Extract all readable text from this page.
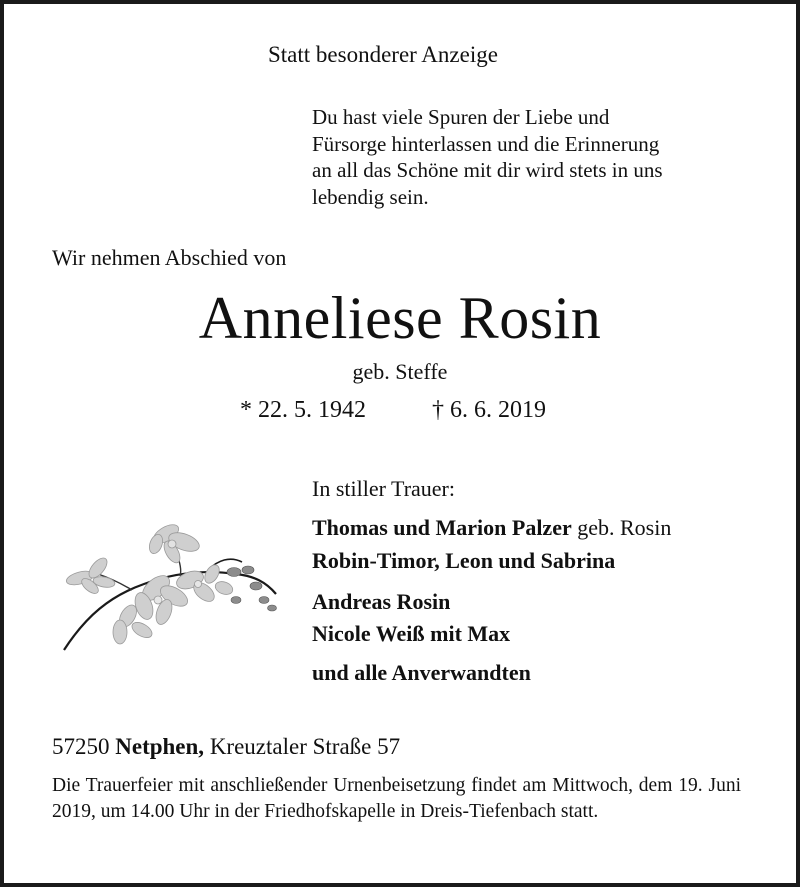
Statt besonderer Anzeige
Du hast viele Spuren der Liebe und
Fürsorge hinterlassen und die Erinnerung
an all das Schöne mit dir wird stets in uns
lebendig sein.
Wir nehmen Abschied von
Anneliese Rosin
geb. Steffe
* 22. 5. 1942	† 6. 6. 2019
In stiller Trauer:
Thomas und Marion Palzer geb. Rosin
Robin-Timor, Leon und Sabrina
Andreas Rosin
Nicole Weiß mit Max
und alle Anverwandten
57250 Netphen, Kreuztaler Straße 57
Die Trauerfeier mit anschließender Urnenbeisetzung findet am Mittwoch, dem 19. Juni 2019, um 14.00 Uhr in der Friedhofskapelle in Dreis-Tiefenbach statt.
